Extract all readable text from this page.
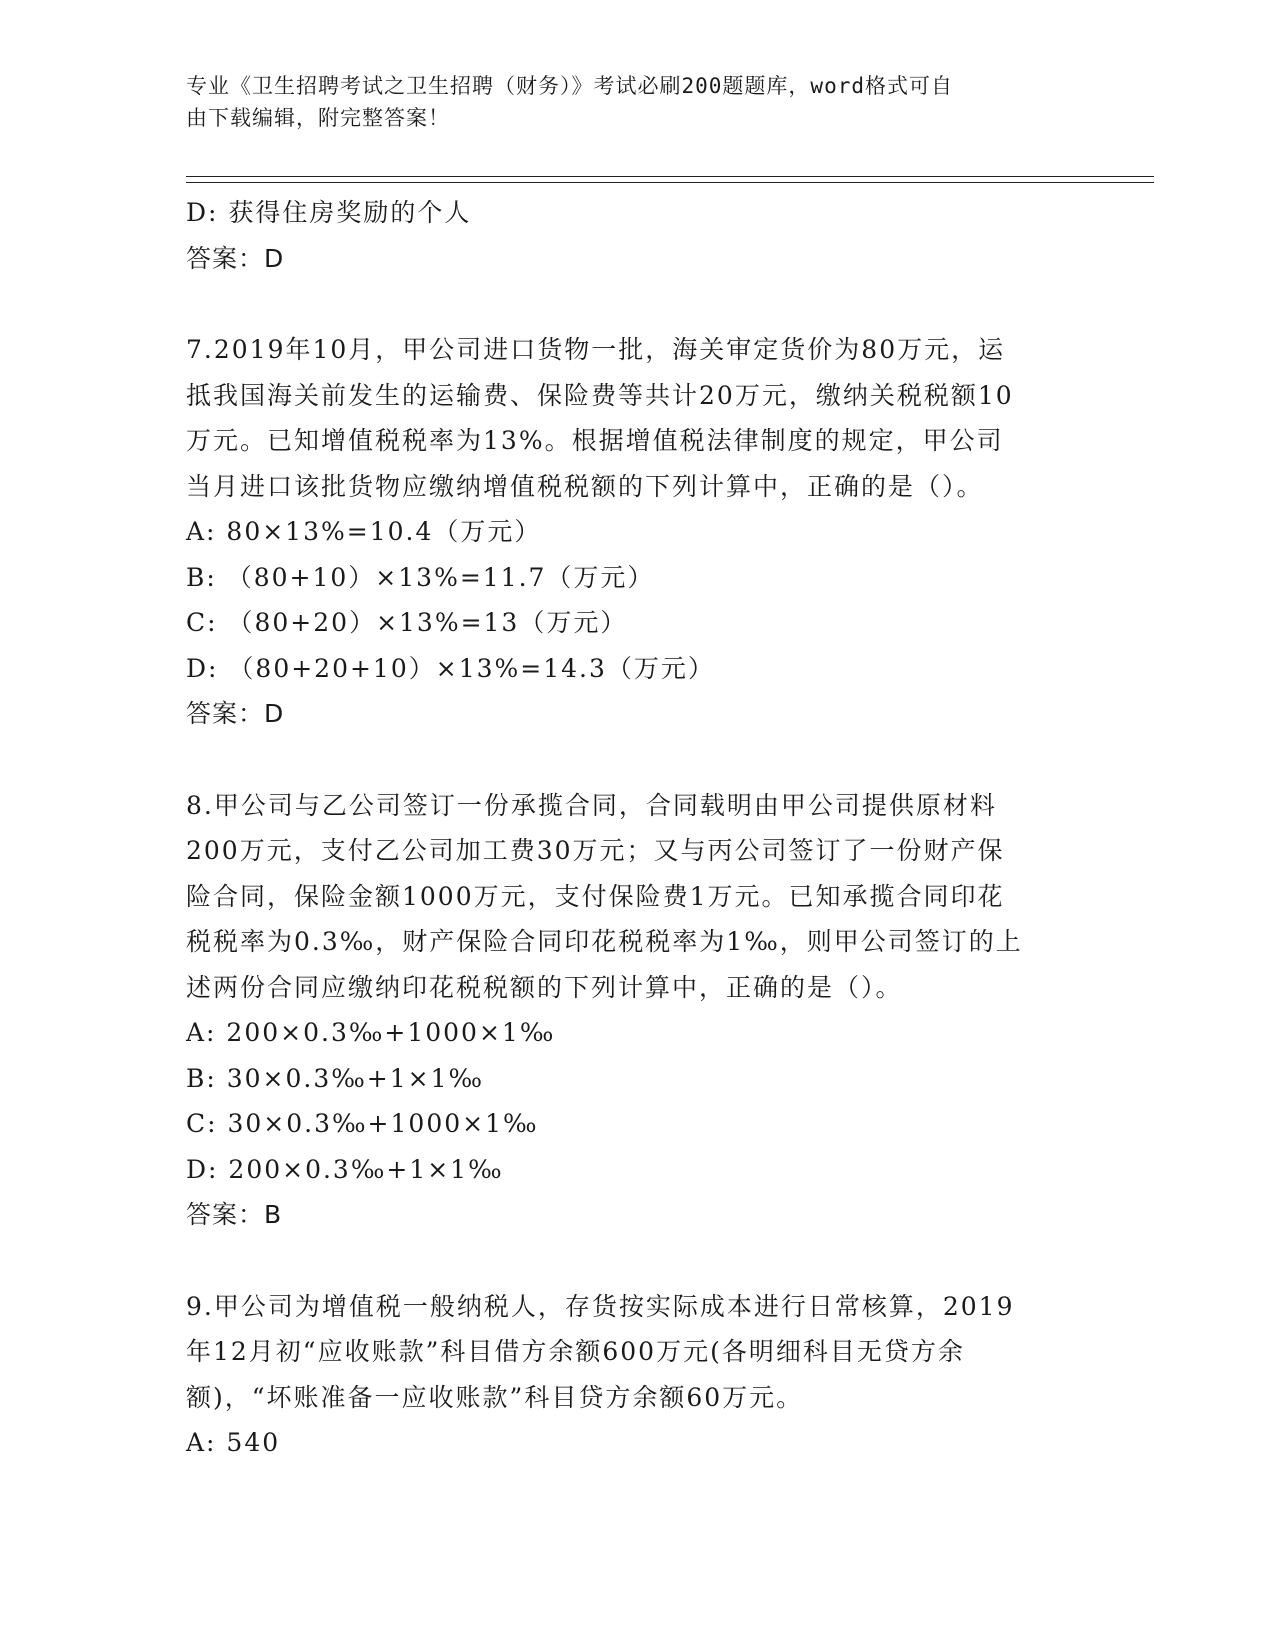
专业《卫生招聘考试之卫生招聘（财务）》考试必刷200题题库，word格式可自
由下载编辑，附完整答案！
D: 获得住房奖励的个人
答案：D
7.2019年10月，甲公司进口货物一批，海关审定货价为80万元，运
抵我国海关前发生的运输费、保险费等共计20万元，缴纳关税税额10
万元。已知增值税税率为13%。根据增值税法律制度的规定，甲公司
当月进口该批货物应缴纳增值税税额的下列计算中，正确的是（）。
A: 80×13%=10.4（万元）
B: （80+10）×13%=11.7（万元）
C: （80+20）×13%=13（万元）
D: （80+20+10）×13%=14.3（万元）
答案：D
8.甲公司与乙公司签订一份承揽合同，合同载明由甲公司提供原材料
200万元，支付乙公司加工费30万元；又与丙公司签订了一份财产保
险合同，保险金额1000万元，支付保险费1万元。已知承揽合同印花
税税率为0.3‰，财产保险合同印花税税率为1‰，则甲公司签订的上
述两份合同应缴纳印花税税额的下列计算中，正确的是（）。
A: 200×0.3‰+1000×1‰
B: 30×0.3‰+1×1‰
C: 30×0.3‰+1000×1‰
D: 200×0.3‰+1×1‰
答案：B
9.甲公司为增值税一般纳税人，存货按实际成本进行日常核算，2019
年12月初“应收账款”科目借方余额600万元(各明细科目无贷方余
额)，“坏账准备一应收账款”科目贷方余额60万元。
A: 540
